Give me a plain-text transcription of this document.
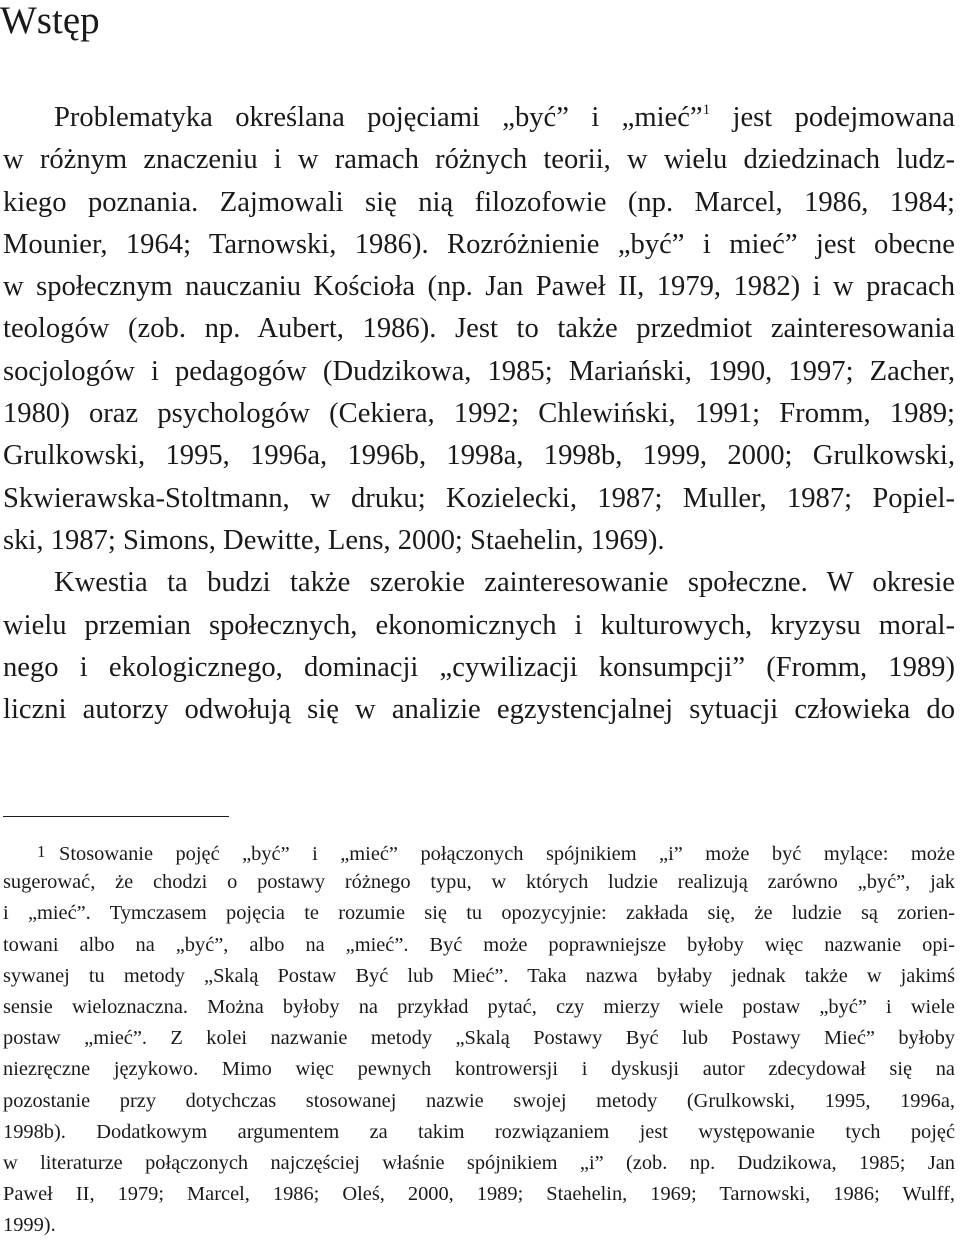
Wstęp
Problematyka określana pojęciami „być” i „mieć”$^1$ jest podejmowana
w różnym znaczeniu i w ramach różnych teorii, w wielu dziedzinach ludz-
kiego poznania. Zajmowali się nią filozofowie (np. Marcel, 1986, 1984;
Mounier, 1964; Tarnowski, 1986). Rozróżnienie „być” i mieć” jest obecne
w społecznym nauczaniu Kościoła (np. Jan Paweł II, 1979, 1982) i w pracach
teologów (zob. np. Aubert, 1986). Jest to także przedmiot zainteresowania
socjologów i pedagogów (Dudzikowa, 1985; Mariański, 1990, 1997; Zacher,
1980) oraz psychologów (Cekiera, 1992; Chlewiński, 1991; Fromm, 1989;
Grulkowski, 1995, 1996a, 1996b, 1998a, 1998b, 1999, 2000; Grulkowski,
Skwierawska-Stoltmann, w druku; Kozielecki, 1987; Muller, 1987; Popiel-
ski, 1987; Simons, Dewitte, Lens, 2000; Staehelin, 1969).
Kwestia ta budzi także szerokie zainteresowanie społeczne. W okresie
wielu przemian społecznych, ekonomicznych i kulturowych, kryzysu moral-
nego i ekologicznego, dominacji „cywilizacji konsumpcji” (Fromm, 1989)
liczni autorzy odwołują się w analizie egzystencjalnej sytuacji człowieka do
1 Stosowanie pojęć „być” i „mieć” połączonych spójnikiem „i” może być mylące: może
sugerować, że chodzi o postawy różnego typu, w których ludzie realizują zarówno „być”, jak
i „mieć”. Tymczasem pojęcia te rozumie się tu opozycyjnie: zakłada się, że ludzie są zorien-
towani albo na „być”, albo na „mieć”. Być może poprawniejsze byłoby więc nazwanie opi-
sywanej tu metody „Skalą Postaw Być lub Mieć”. Taka nazwa byłaby jednak także w jakimś
sensie wieloznaczna. Można byłoby na przykład pytać, czy mierzy wiele postaw „być” i wiele
postaw „mieć”. Z kolei nazwanie metody „Skalą Postawy Być lub Postawy Mieć” byłoby
niezręczne językowo. Mimo więc pewnych kontrowersji i dyskusji autor zdecydował się na
pozostanie przy dotychczas stosowanej nazwie swojej metody (Grulkowski, 1995, 1996a,
1998b). Dodatkowym argumentem za takim rozwiązaniem jest występowanie tych pojęć
w literaturze połączonych najczęściej właśnie spójnikiem „i” (zob. np. Dudzikowa, 1985; Jan
Paweł II, 1979; Marcel, 1986; Oleś, 2000, 1989; Staehelin, 1969; Tarnowski, 1986; Wulff,
1999).
